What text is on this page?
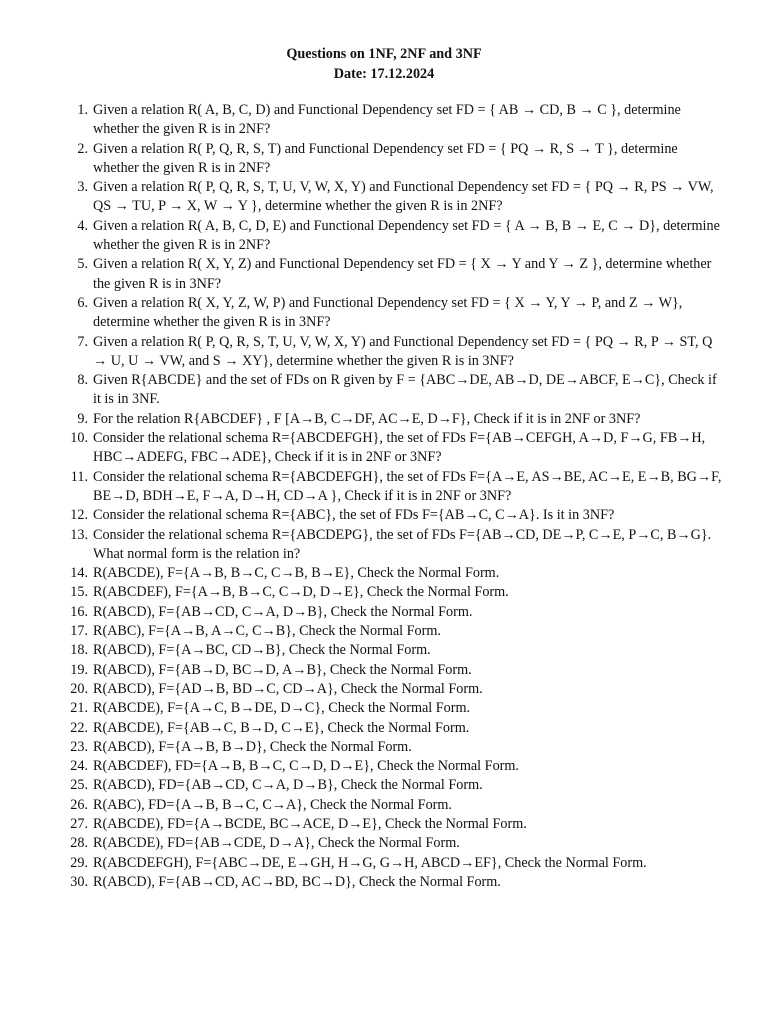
Questions on 1NF, 2NF and 3NF
Date: 17.12.2024
1. Given a relation R( A, B, C, D) and Functional Dependency set FD = { AB → CD, B → C }, determine whether the given R is in 2NF?
2. Given a relation R( P, Q, R, S, T) and Functional Dependency set FD = { PQ → R, S → T }, determine whether the given R is in 2NF?
3. Given a relation R( P, Q, R, S, T, U, V, W, X, Y) and Functional Dependency set FD = { PQ → R, PS → VW, QS → TU, P → X, W → Y }, determine whether the given R is in 2NF?
4. Given a relation R( A, B, C, D, E) and Functional Dependency set FD = { A → B, B → E, C → D}, determine whether the given R is in 2NF?
5. Given a relation R( X, Y, Z) and Functional Dependency set FD = { X → Y and Y → Z }, determine whether the given R is in 3NF?
6. Given a relation R( X, Y, Z, W, P) and Functional Dependency set FD = { X → Y, Y → P, and Z → W}, determine whether the given R is in 3NF?
7. Given a relation R( P, Q, R, S, T, U, V, W, X, Y) and Functional Dependency set FD = { PQ → R, P → ST, Q → U, U → VW, and S → XY}, determine whether the given R is in 3NF?
8. Given R{ABCDE} and the set of FDs on R given by F = {ABC→DE, AB→D, DE→ABCF, E→C}, Check if it is in 3NF.
9. For the relation R{ABCDEF} , F [A→B, C→DF, AC→E, D→F}, Check if it is in 2NF or 3NF?
10. Consider the relational schema R={ABCDEFGH}, the set of FDs F={AB→CEFGH, A→D, F→G, FB→H, HBC→ADEFG, FBC→ADE}, Check if it is in 2NF or 3NF?
11. Consider the relational schema R={ABCDEFGH}, the set of FDs F={A→E, AS→BE, AC→E, E→B, BG→F, BE→D, BDH→E, F→A, D→H, CD→A }, Check if it is in 2NF or 3NF?
12. Consider the relational schema R={ABC}, the set of FDs F={AB→C, C→A}. Is it in 3NF?
13. Consider the relational schema R={ABCDEPG}, the set of FDs F={AB→CD, DE→P, C→E, P→C, B→G}. What normal form is the relation in?
14. R(ABCDE), F={A→B, B→C, C→B, B→E}, Check the Normal Form.
15. R(ABCDEF), F={A→B, B→C, C→D, D→E}, Check the Normal Form.
16. R(ABCD), F={AB→CD, C→A, D→B}, Check the Normal Form.
17. R(ABC), F={A→B, A→C, C→B}, Check the Normal Form.
18. R(ABCD), F={A→BC, CD→B}, Check the Normal Form.
19. R(ABCD), F={AB→D, BC→D, A→B}, Check the Normal Form.
20. R(ABCD), F={AD→B, BD→C, CD→A}, Check the Normal Form.
21. R(ABCDE), F={A→C, B→DE, D→C}, Check the Normal Form.
22. R(ABCDE), F={AB→C, B→D, C→E}, Check the Normal Form.
23. R(ABCD), F={A→B, B→D}, Check the Normal Form.
24. R(ABCDEF), FD={A→B, B→C, C→D, D→E}, Check the Normal Form.
25. R(ABCD), FD={AB→CD, C→A, D→B}, Check the Normal Form.
26. R(ABC), FD={A→B, B→C, C→A}, Check the Normal Form.
27. R(ABCDE), FD={A→BCDE, BC→ACE, D→E}, Check the Normal Form.
28. R(ABCDE), FD={AB→CDE, D→A}, Check the Normal Form.
29. R(ABCDEFGH), F={ABC→DE, E→GH, H→G, G→H, ABCD→EF}, Check the Normal Form.
30. R(ABCD), F={AB→CD, AC→BD, BC→D}, Check the Normal Form.
